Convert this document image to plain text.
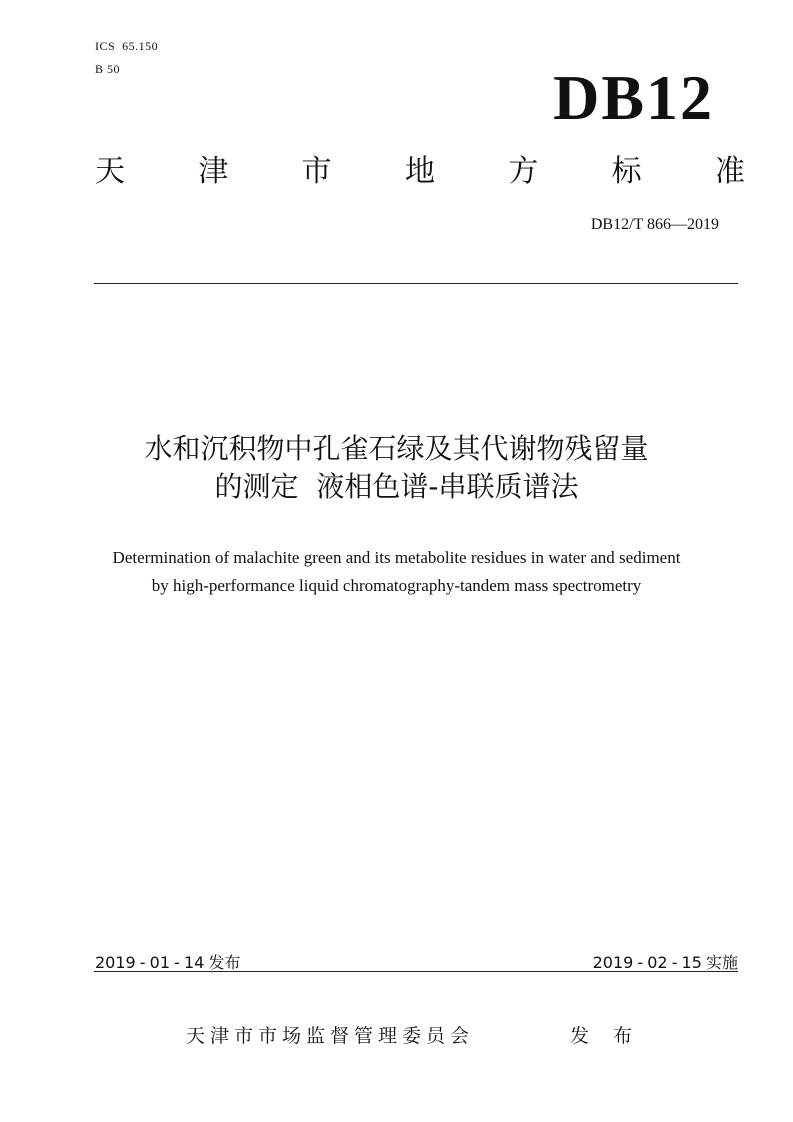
ICS  65.150
B 50	DB12
天 津 市 地 方 标 准
DB12/T 866—2019
水和沉积物中孔雀石绿及其代谢物残留量
的测定  液相色谱-串联质谱法
Determination of malachite green and its metabolite residues in water and sediment
by high-performance liquid chromatography-tandem mass spectrometry
2019 - 01 - 14 发布	2019 - 02 - 15 实施
天津市市场监督管理委员会	发 布
